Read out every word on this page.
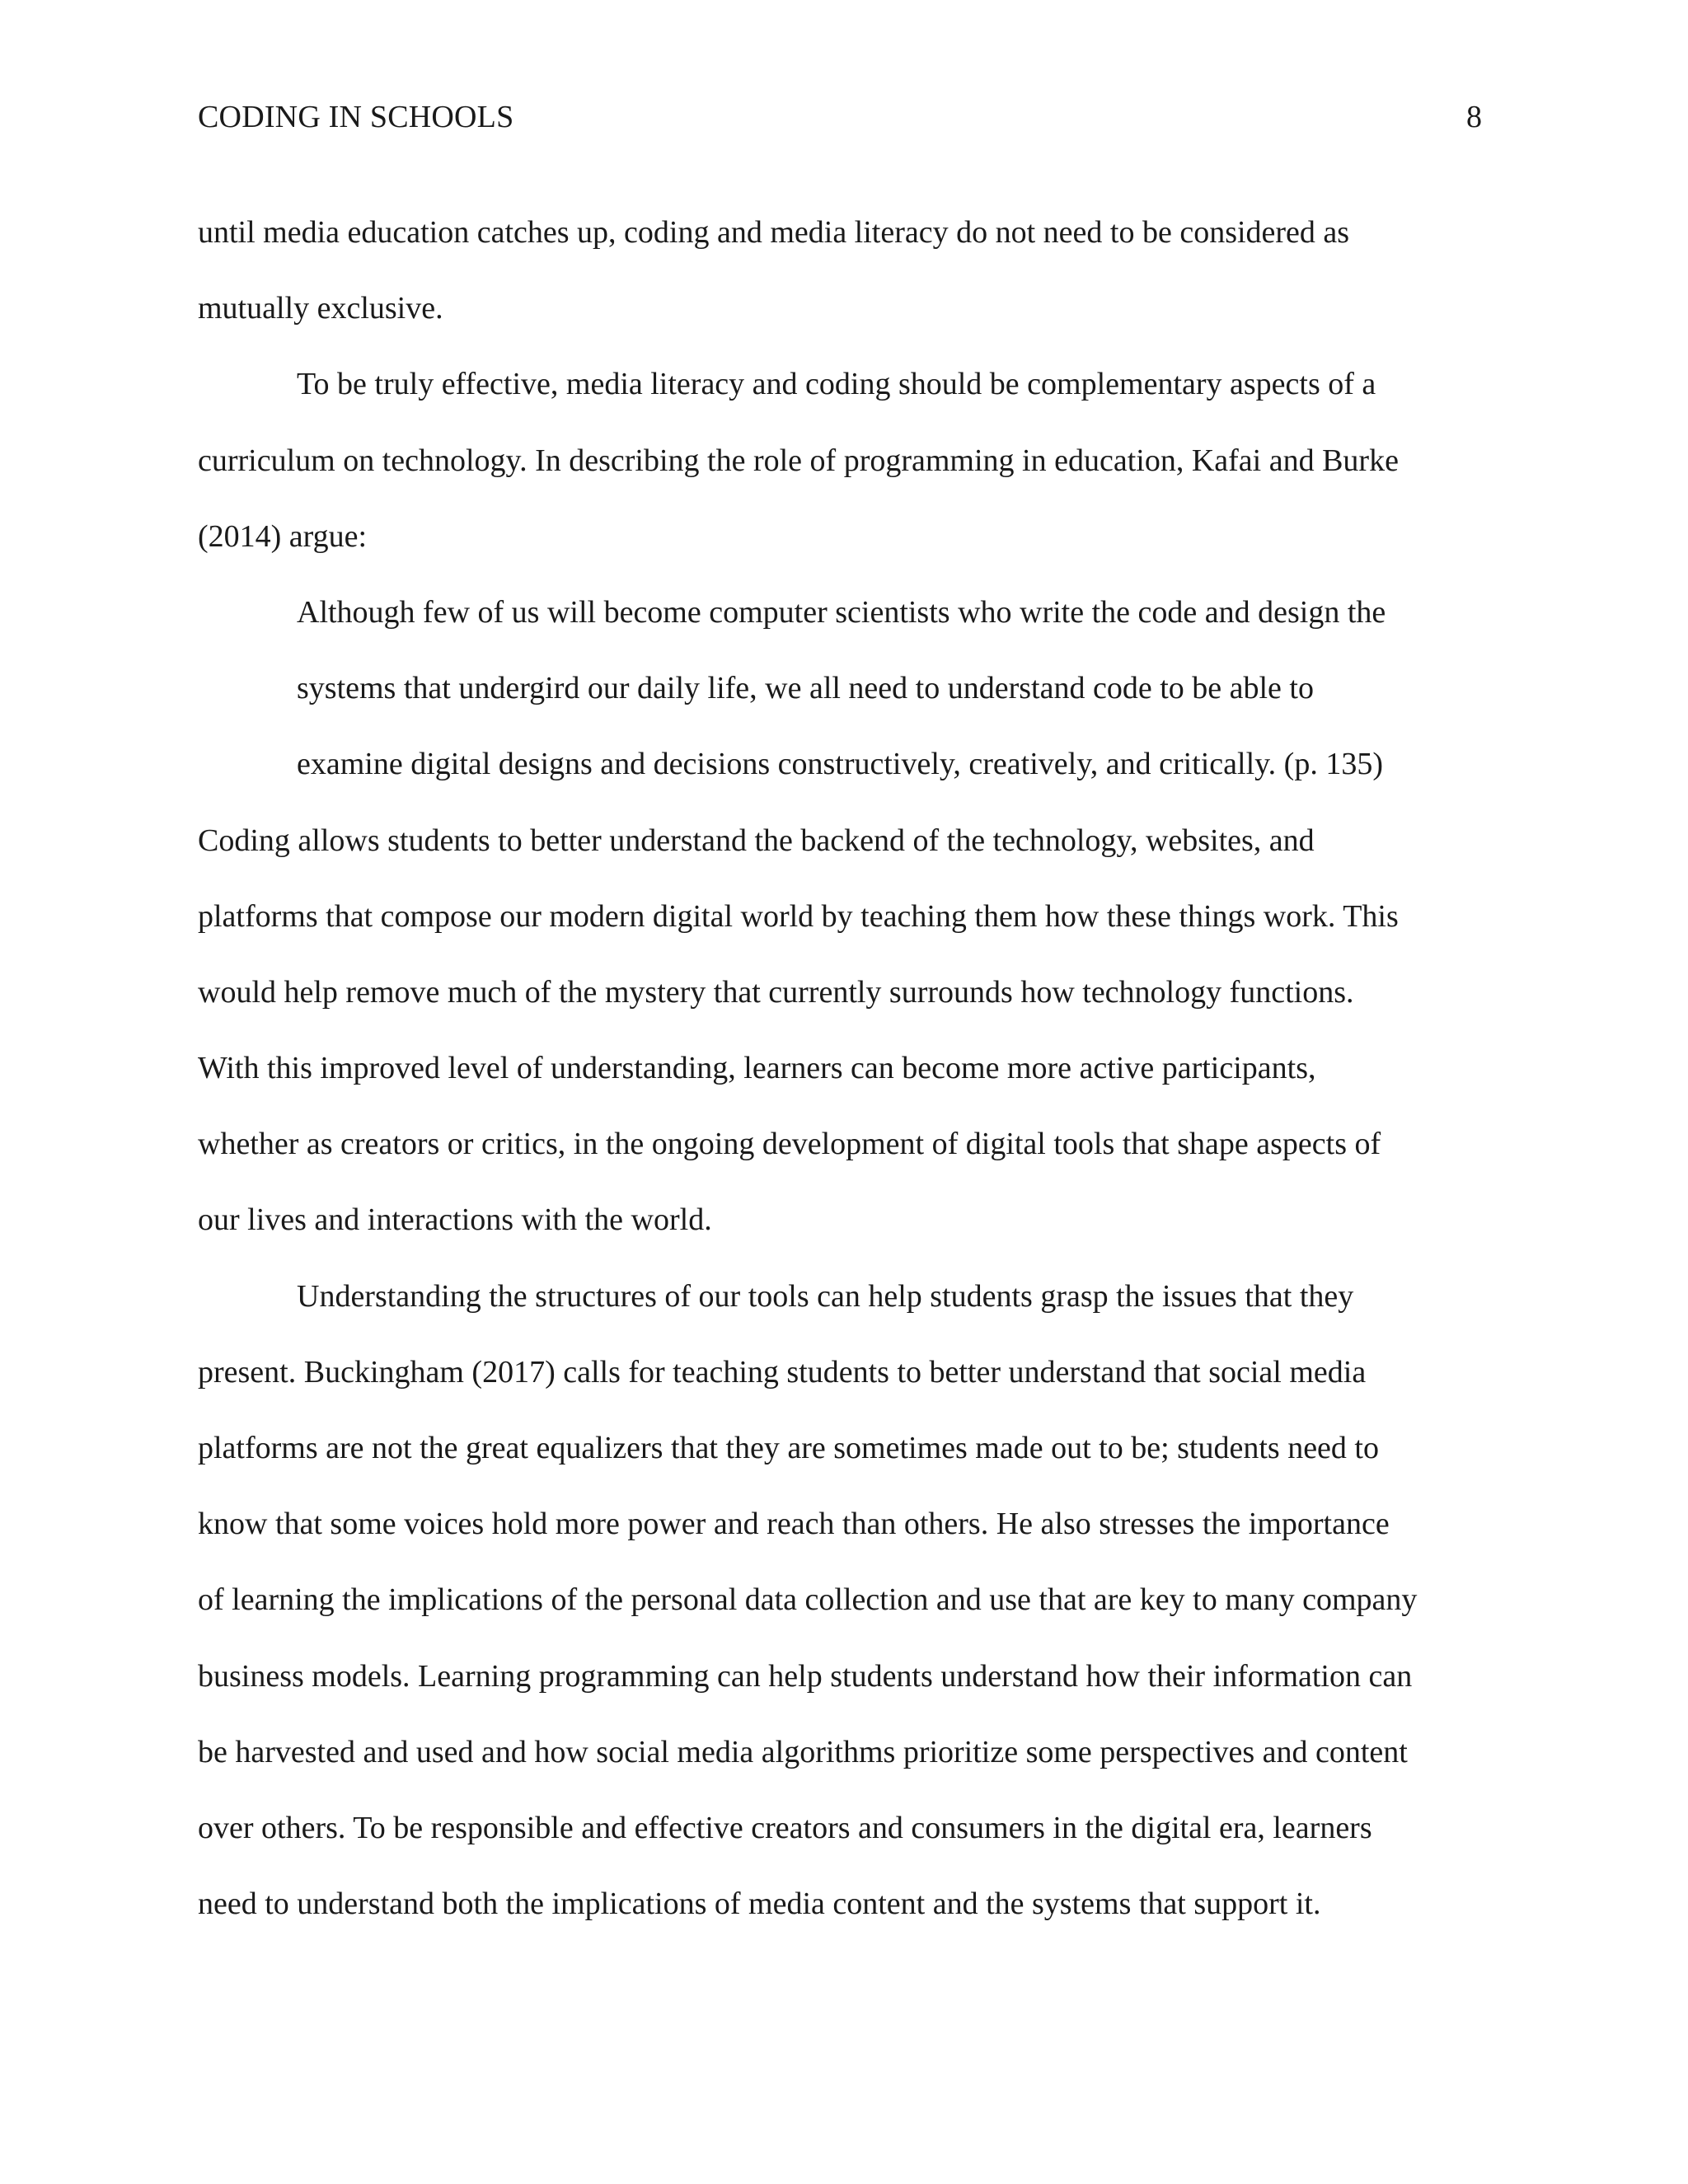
CODING IN SCHOOLS	8
until media education catches up, coding and media literacy do not need to be considered as
mutually exclusive.
To be truly effective, media literacy and coding should be complementary aspects of a
curriculum on technology. In describing the role of programming in education, Kafai and Burke
(2014) argue:
Although few of us will become computer scientists who write the code and design the
systems that undergird our daily life, we all need to understand code to be able to
examine digital designs and decisions constructively, creatively, and critically. (p. 135)
Coding allows students to better understand the backend of the technology, websites, and
platforms that compose our modern digital world by teaching them how these things work. This
would help remove much of the mystery that currently surrounds how technology functions.
With this improved level of understanding, learners can become more active participants,
whether as creators or critics, in the ongoing development of digital tools that shape aspects of
our lives and interactions with the world.
Understanding the structures of our tools can help students grasp the issues that they
present. Buckingham (2017) calls for teaching students to better understand that social media
platforms are not the great equalizers that they are sometimes made out to be; students need to
know that some voices hold more power and reach than others. He also stresses the importance
of learning the implications of the personal data collection and use that are key to many company
business models. Learning programming can help students understand how their information can
be harvested and used and how social media algorithms prioritize some perspectives and content
over others. To be responsible and effective creators and consumers in the digital era, learners
need to understand both the implications of media content and the systems that support it.
